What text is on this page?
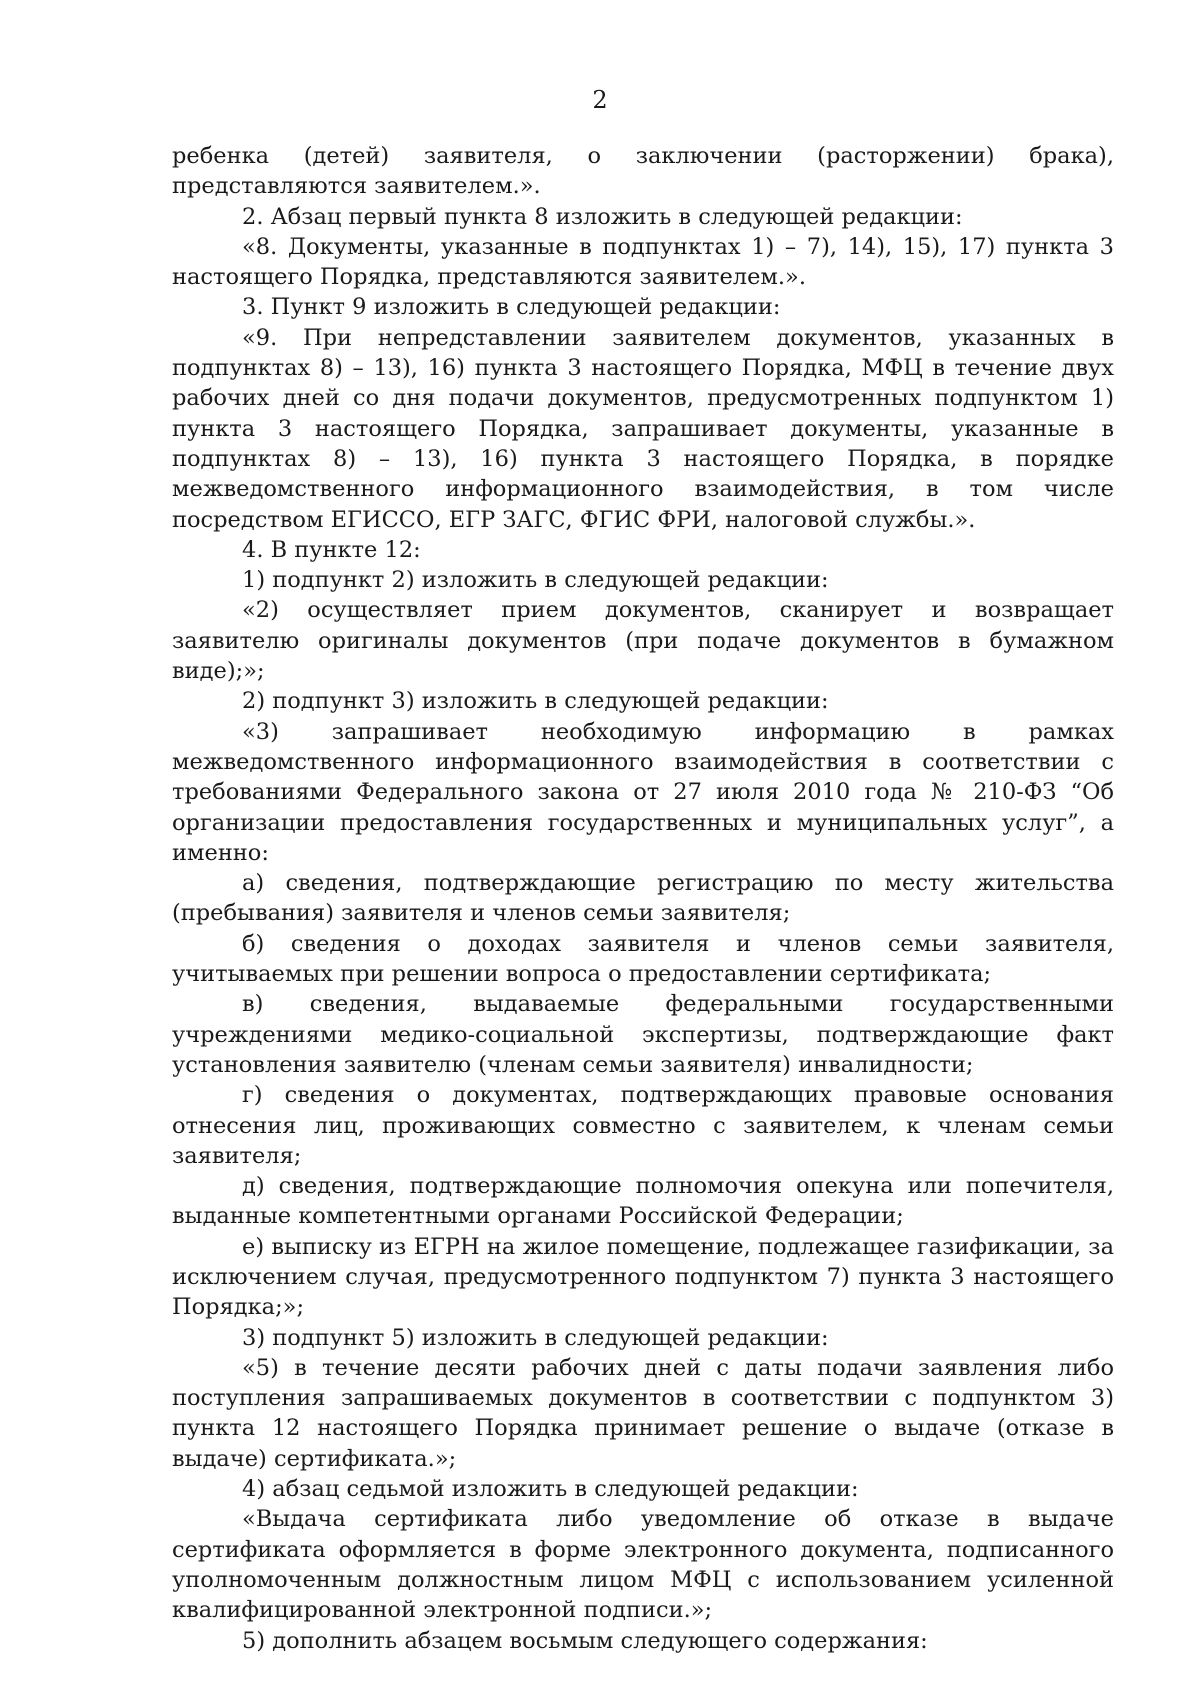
2

ребенка (детей) заявителя, о заключении (расторжении) брака), представляются заявителем.».

2. Абзац первый пункта 8 изложить в следующей редакции:

«8. Документы, указанные в подпунктах 1) – 7), 14), 15), 17) пункта 3 настоящего Порядка, представляются заявителем.».

3. Пункт 9 изложить в следующей редакции:

«9. При непредставлении заявителем документов, указанных в подпунктах 8) – 13), 16) пункта 3 настоящего Порядка, МФЦ в течение двух рабочих дней со дня подачи документов, предусмотренных подпунктом 1) пункта 3 настоящего Порядка, запрашивает документы, указанные в подпунктах 8) – 13), 16) пункта 3 настоящего Порядка, в порядке межведомственного информационного взаимодействия, в том числе посредством ЕГИССО, ЕГР ЗАГС, ФГИС ФРИ, налоговой службы.».

4. В пункте 12:

1) подпункт 2) изложить в следующей редакции:

«2) осуществляет прием документов, сканирует и возвращает заявителю оригиналы документов (при подаче документов в бумажном виде);»;

2) подпункт 3) изложить в следующей редакции:

«3) запрашивает необходимую информацию в рамках межведомственного информационного взаимодействия в соответствии с требованиями Федерального закона от 27 июля 2010 года № 210-ФЗ “Об организации предоставления государственных и муниципальных услуг”, а именно:

а) сведения, подтверждающие регистрацию по месту жительства (пребывания) заявителя и членов семьи заявителя;

б) сведения о доходах заявителя и членов семьи заявителя, учитываемых при решении вопроса о предоставлении сертификата;

в) сведения, выдаваемые федеральными государственными учреждениями медико-социальной экспертизы, подтверждающие факт установления заявителю (членам семьи заявителя) инвалидности;

г) сведения о документах, подтверждающих правовые основания отнесения лиц, проживающих совместно с заявителем, к членам семьи заявителя;

д) сведения, подтверждающие полномочия опекуна или попечителя, выданные компетентными органами Российской Федерации;

е) выписку из ЕГРН на жилое помещение, подлежащее газификации, за исключением случая, предусмотренного подпунктом 7) пункта 3 настоящего Порядка;»;

3) подпункт 5) изложить в следующей редакции:

«5) в течение десяти рабочих дней с даты подачи заявления либо поступления запрашиваемых документов в соответствии с подпунктом 3) пункта 12 настоящего Порядка принимает решение о выдаче (отказе в выдаче) сертификата.»;

4) абзац седьмой изложить в следующей редакции:

«Выдача сертификата либо уведомление об отказе в выдаче сертификата оформляется в форме электронного документа, подписанного уполномоченным должностным лицом МФЦ с использованием усиленной квалифицированной электронной подписи.»;

5) дополнить абзацем восьмым следующего содержания:
